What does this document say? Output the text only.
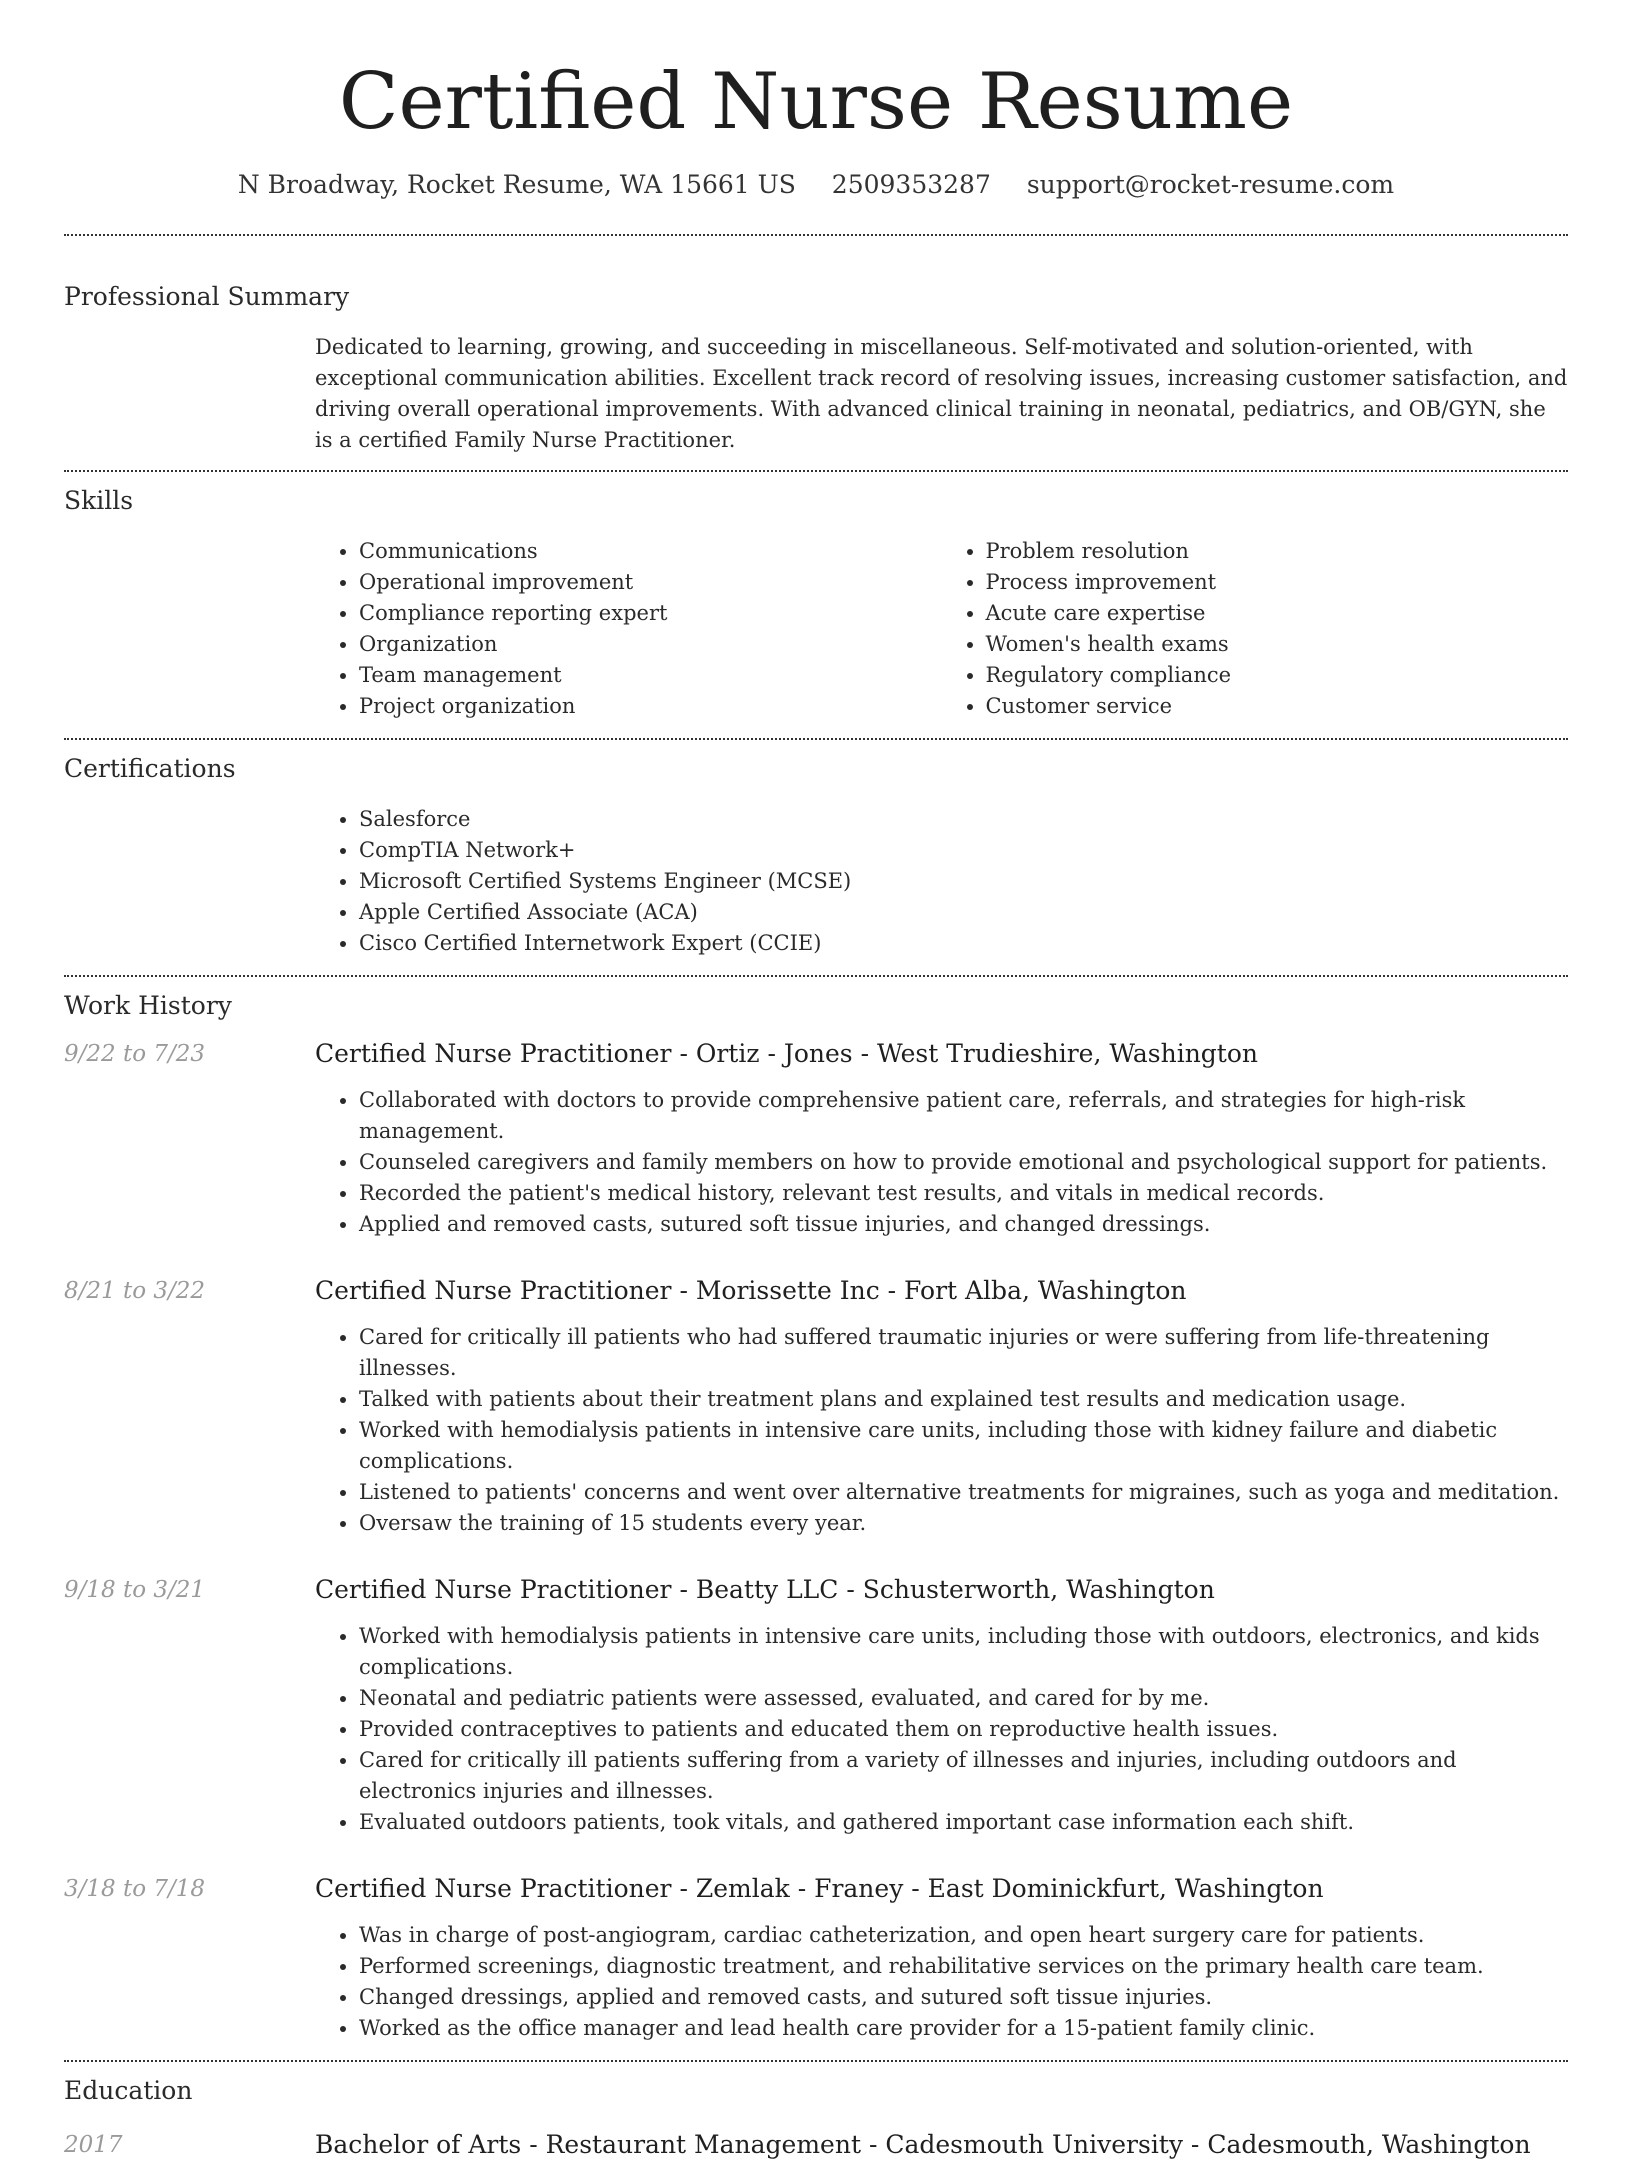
Certified Nurse Resume
N Broadway, Rocket Resume, WA 15661 US 2509353287 support@rocket-resume.com
Professional Summary

Dedicated to learning, growing, and succeeding in miscellaneous. Self-motivated and solution-oriented, with exceptional communication abilities. Excellent track record of resolving issues, increasing customer satisfaction, and driving overall operational improvements. With advanced clinical training in neonatal, pediatrics, and OB/GYN, she is a certified Family Nurse Practitioner.

Skills
• Communications
• Operational improvement
• Compliance reporting expert
• Organization
• Team management
• Project organization
• Problem resolution
• Process improvement
• Acute care expertise
• Women's health exams
• Regulatory compliance
• Customer service
Certifications
• Salesforce
• CompTIA Network+
• Microsoft Certified Systems Engineer (MCSE)
• Apple Certified Associate (ACA)
• Cisco Certified Internetwork Expert (CCIE)
Work History
9/22 to 7/23	Certified Nurse Practitioner - Ortiz - Jones - West Trudieshire, Washington
• Collaborated with doctors to provide comprehensive patient care, referrals, and strategies for high-risk management.
• Counseled caregivers and family members on how to provide emotional and psychological support for patients.
• Recorded the patient's medical history, relevant test results, and vitals in medical records.
• Applied and removed casts, sutured soft tissue injuries, and changed dressings.
8/21 to 3/22	Certified Nurse Practitioner - Morissette Inc - Fort Alba, Washington
• Cared for critically ill patients who had suffered traumatic injuries or were suffering from life-threatening illnesses.
• Talked with patients about their treatment plans and explained test results and medication usage.
• Worked with hemodialysis patients in intensive care units, including those with kidney failure and diabetic complications.
• Listened to patients' concerns and went over alternative treatments for migraines, such as yoga and meditation.
• Oversaw the training of 15 students every year.
9/18 to 3/21	Certified Nurse Practitioner - Beatty LLC - Schusterworth, Washington
• Worked with hemodialysis patients in intensive care units, including those with outdoors, electronics, and kids complications.
• Neonatal and pediatric patients were assessed, evaluated, and cared for by me.
• Provided contraceptives to patients and educated them on reproductive health issues.
• Cared for critically ill patients suffering from a variety of illnesses and injuries, including outdoors and electronics injuries and illnesses.
• Evaluated outdoors patients, took vitals, and gathered important case information each shift.
3/18 to 7/18	Certified Nurse Practitioner - Zemlak - Franey - East Dominickfurt, Washington
• Was in charge of post-angiogram, cardiac catheterization, and open heart surgery care for patients.
• Performed screenings, diagnostic treatment, and rehabilitative services on the primary health care team.
• Changed dressings, applied and removed casts, and sutured soft tissue injuries.
• Worked as the office manager and lead health care provider for a 15-patient family clinic.
Education
2017	Bachelor of Arts - Restaurant Management - Cadesmouth University - Cadesmouth, Washington
